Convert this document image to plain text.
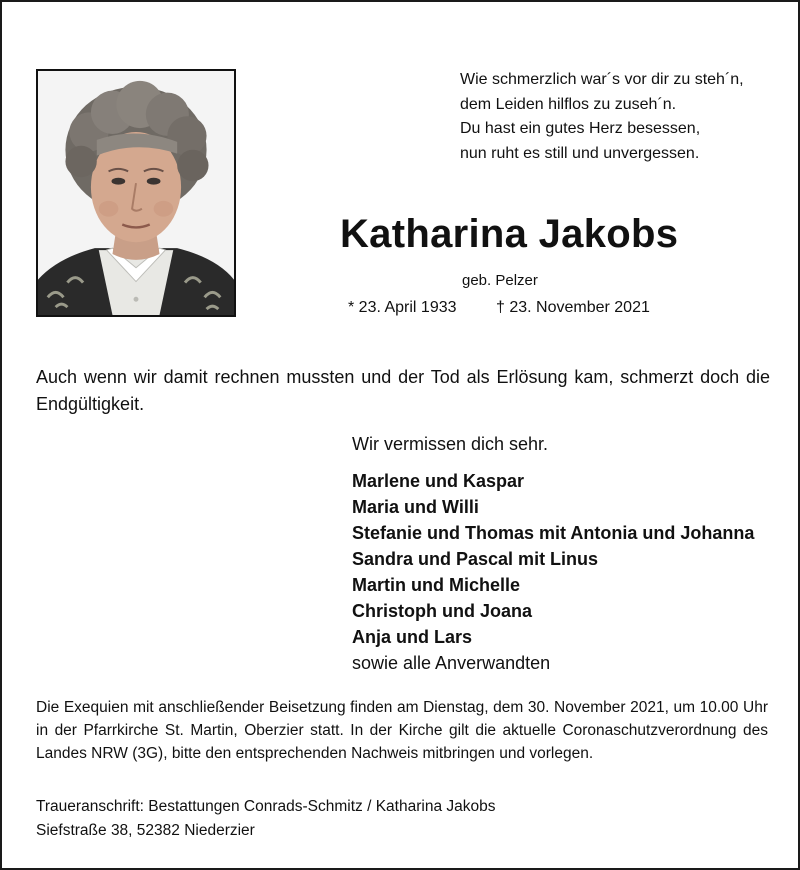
Wie schmerzlich war´s vor dir zu steh´n,
dem Leiden hilflos zu zuseh´n.
Du hast ein gutes Herz besessen,
nun ruht es still und unvergessen.
Katharina Jakobs
geb. Pelzer
* 23. April 1933 † 23. November 2021
Auch wenn wir damit rechnen mussten und der Tod als Erlösung kam, schmerzt doch die Endgültigkeit.
Wir vermissen dich sehr.
Marlene und Kaspar
Maria und Willi
Stefanie und Thomas mit Antonia und Johanna
Sandra und Pascal mit Linus
Martin und Michelle
Christoph und Joana
Anja und Lars
sowie alle Anverwandten
Die Exequien mit anschließender Beisetzung finden am Dienstag, dem 30. November 2021, um 10.00 Uhr in der Pfarrkirche St. Martin, Oberzier statt. In der Kirche gilt die aktuelle Coronaschutzverordnung des Landes NRW (3G), bitte den entsprechenden Nachweis mitbringen und vorlegen.
Traueranschrift: Bestattungen Conrads-Schmitz / Katharina Jakobs
Siefstraße 38, 52382 Niederzier
